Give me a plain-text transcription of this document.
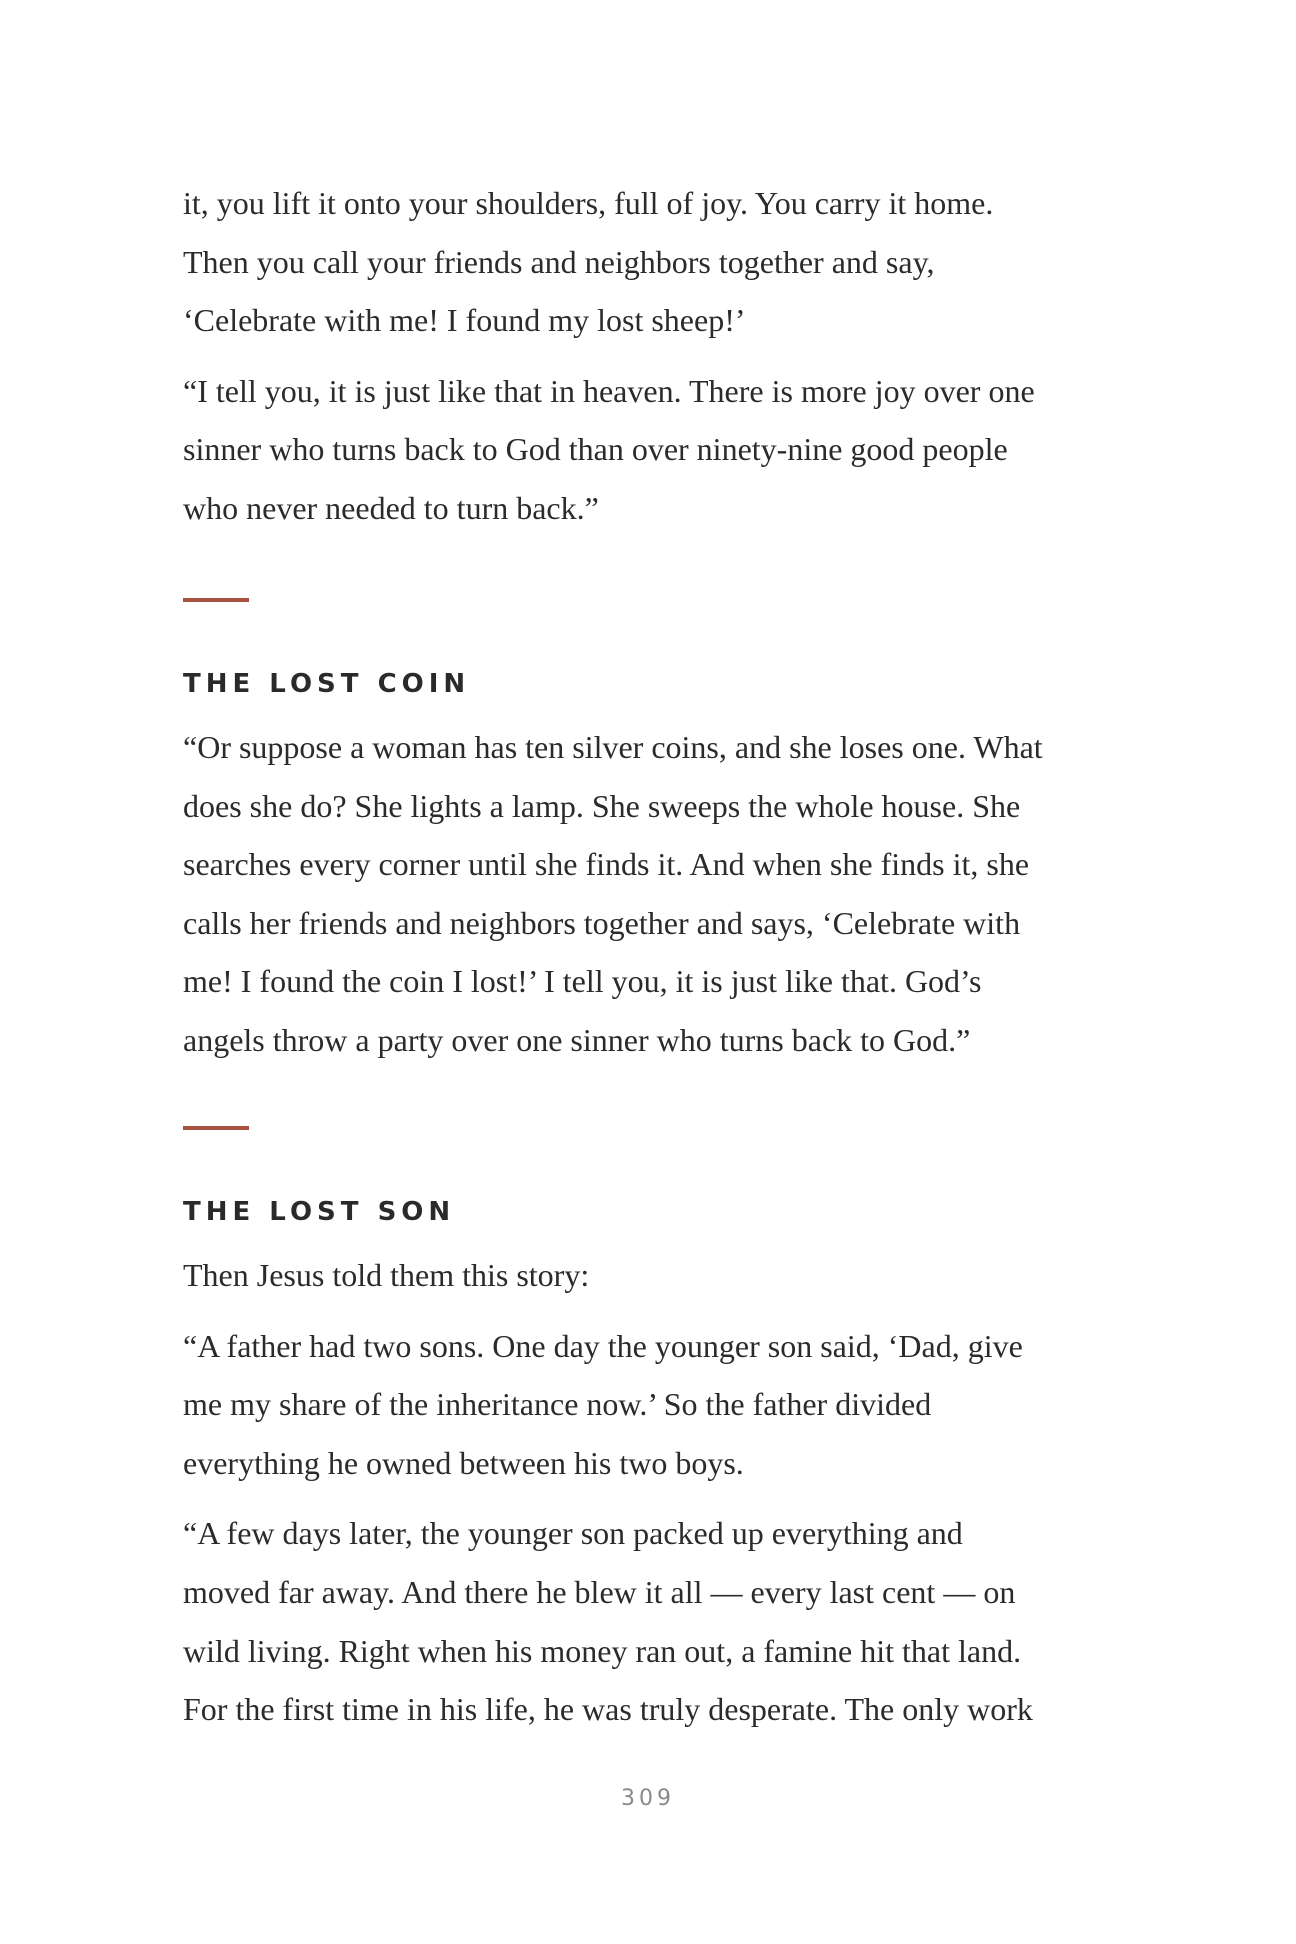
it, you lift it onto your shoulders, full of joy. You carry it home.
Then you call your friends and neighbors together and say,
‘Celebrate with me! I found my lost sheep!’

“I tell you, it is just like that in heaven. There is more joy over one
sinner who turns back to God than over ninety-nine good people
who never needed to turn back.”

THE LOST COIN

“Or suppose a woman has ten silver coins, and she loses one. What
does she do? She lights a lamp. She sweeps the whole house. She
searches every corner until she finds it. And when she finds it, she
calls her friends and neighbors together and says, ‘Celebrate with
me! I found the coin I lost!’ I tell you, it is just like that. God’s
angels throw a party over one sinner who turns back to God.”

THE LOST SON

Then Jesus told them this story:

“A father had two sons. One day the younger son said, ‘Dad, give
me my share of the inheritance now.’ So the father divided
everything he owned between his two boys.

“A few days later, the younger son packed up everything and
moved far away. And there he blew it all — every last cent — on
wild living. Right when his money ran out, a famine hit that land.
For the first time in his life, he was truly desperate. The only work

309
